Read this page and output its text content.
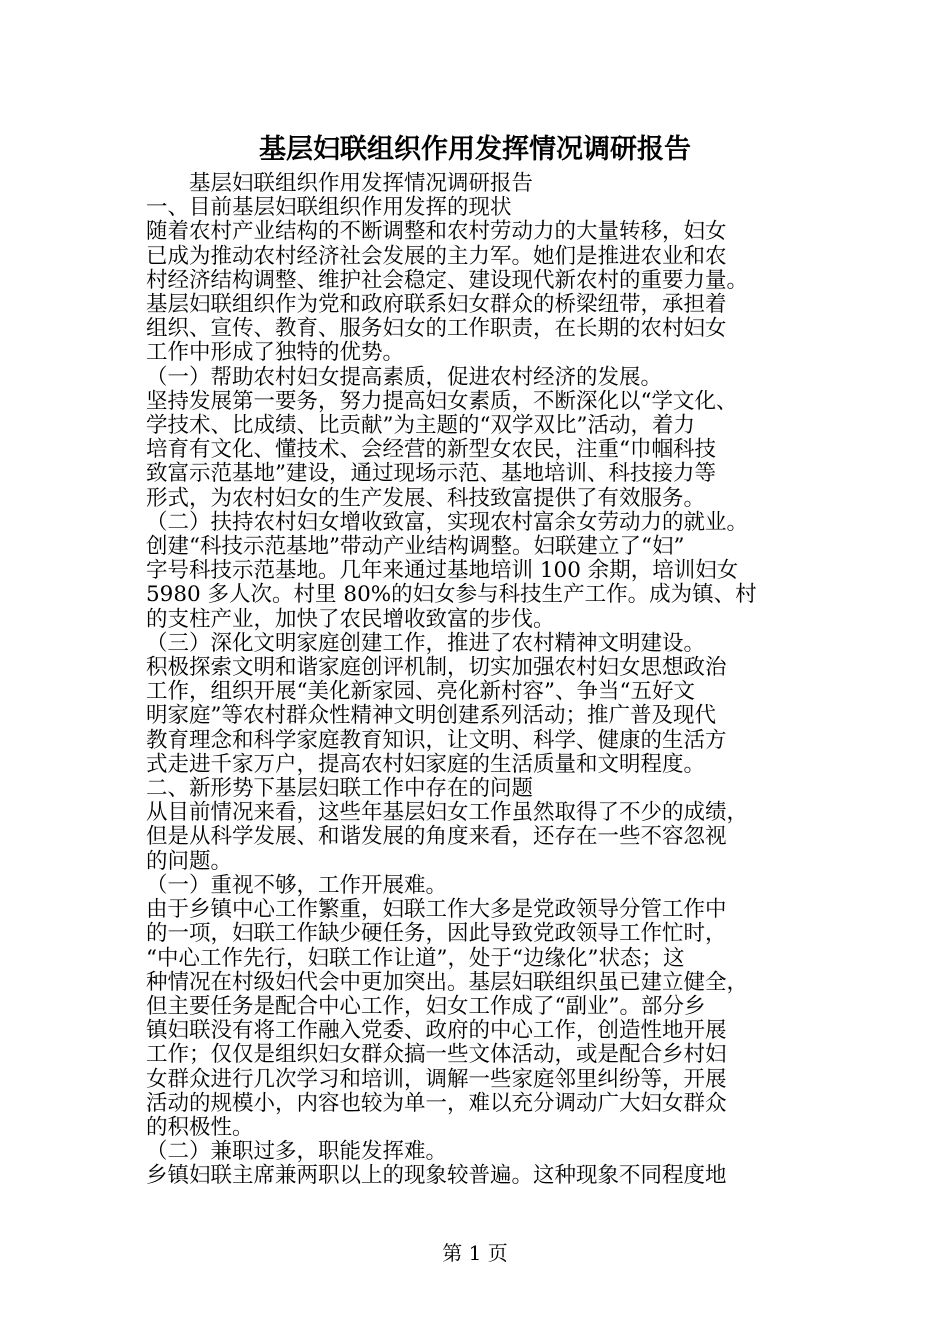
基层妇联组织作用发挥情况调研报告
　　基层妇联组织作用发挥情况调研报告
一、目前基层妇联组织作用发挥的现状
随着农村产业结构的不断调整和农村劳动力的大量转移，妇女
已成为推动农村经济社会发展的主力军。她们是推进农业和农
村经济结构调整、维护社会稳定、建设现代新农村的重要力量。
基层妇联组织作为党和政府联系妇女群众的桥梁纽带，承担着
组织、宣传、教育、服务妇女的工作职责，在长期的农村妇女
工作中形成了独特的优势。
（一）帮助农村妇女提高素质，促进农村经济的发展。
坚持发展第一要务，努力提高妇女素质，不断深化以“学文化、
学技术、比成绩、比贡献”为主题的“双学双比”活动，着力
培育有文化、懂技术、会经营的新型女农民，注重“巾帼科技
致富示范基地”建设，通过现场示范、基地培训、科技接力等
形式，为农村妇女的生产发展、科技致富提供了有效服务。
（二）扶持农村妇女增收致富，实现农村富余女劳动力的就业。
创建“科技示范基地”带动产业结构调整。妇联建立了“妇”
字号科技示范基地。几年来通过基地培训 100 余期，培训妇女
5980 多人次。村里 80%的妇女参与科技生产工作。成为镇、村
的支柱产业，加快了农民增收致富的步伐。
（三）深化文明家庭创建工作，推进了农村精神文明建设。
积极探索文明和谐家庭创评机制，切实加强农村妇女思想政治
工作，组织开展“美化新家园、亮化新村容”、争当“五好文
明家庭”等农村群众性精神文明创建系列活动；推广普及现代
教育理念和科学家庭教育知识，让文明、科学、健康的生活方
式走进千家万户，提高农村妇家庭的生活质量和文明程度。
二、新形势下基层妇联工作中存在的问题
从目前情况来看，这些年基层妇女工作虽然取得了不少的成绩，
但是从科学发展、和谐发展的角度来看，还存在一些不容忽视
的问题。
（一）重视不够，工作开展难。
由于乡镇中心工作繁重，妇联工作大多是党政领导分管工作中
的一项，妇联工作缺少硬任务，因此导致党政领导工作忙时，
“中心工作先行，妇联工作让道”，处于“边缘化”状态；这
种情况在村级妇代会中更加突出。基层妇联组织虽已建立健全，
但主要任务是配合中心工作，妇女工作成了“副业”。部分乡
镇妇联没有将工作融入党委、政府的中心工作，创造性地开展
工作；仅仅是组织妇女群众搞一些文体活动，或是配合乡村妇
女群众进行几次学习和培训，调解一些家庭邻里纠纷等，开展
活动的规模小，内容也较为单一，难以充分调动广大妇女群众
的积极性。
（二）兼职过多，职能发挥难。
乡镇妇联主席兼两职以上的现象较普遍。这种现象不同程度地
第 1 页
